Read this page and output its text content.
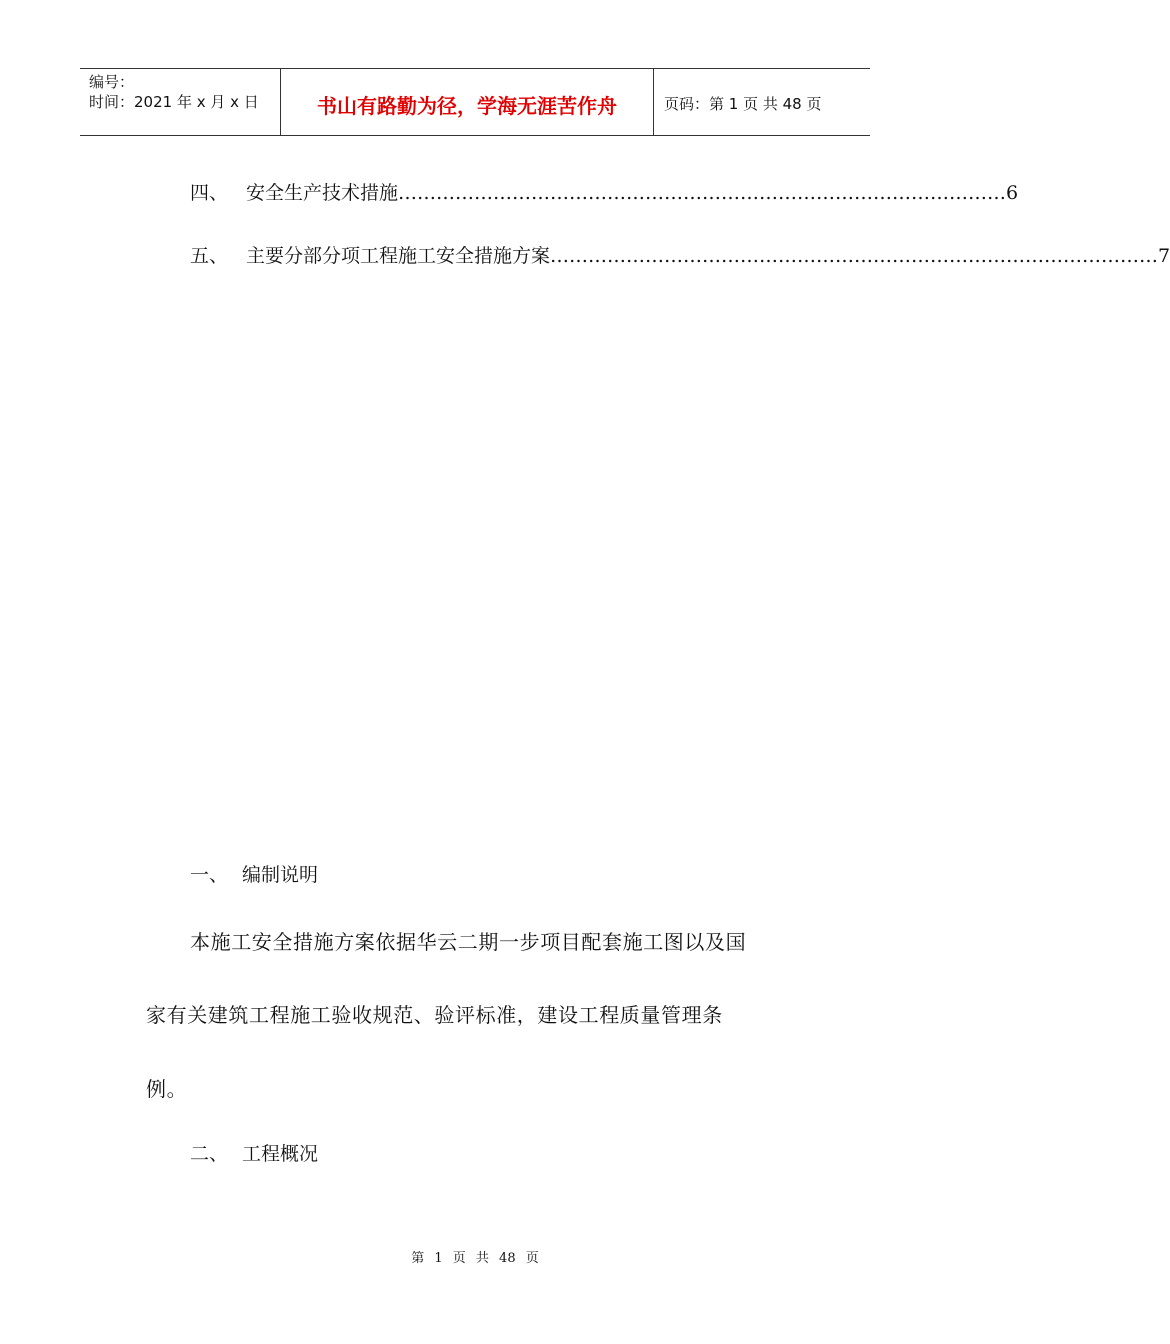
编号：
时间：2021 年 x 月 x 日	书山有路勤为径，学海无涯苦作舟	页码：第 1 页 共 48 页
四、 安全生产技术措施 …………………………………………………………………………………… 6
五、 主要分部分项工程施工安全措施方案 …………………………………………………………………………………… 7
一、 编制说明
本施工安全措施方案依据华云二期一步项目配套施工图以及国
家有关建筑工程施工验收规范、验评标准，建设工程质量管理条
例。
二、 工程概况
第 1 页 共 48 页
